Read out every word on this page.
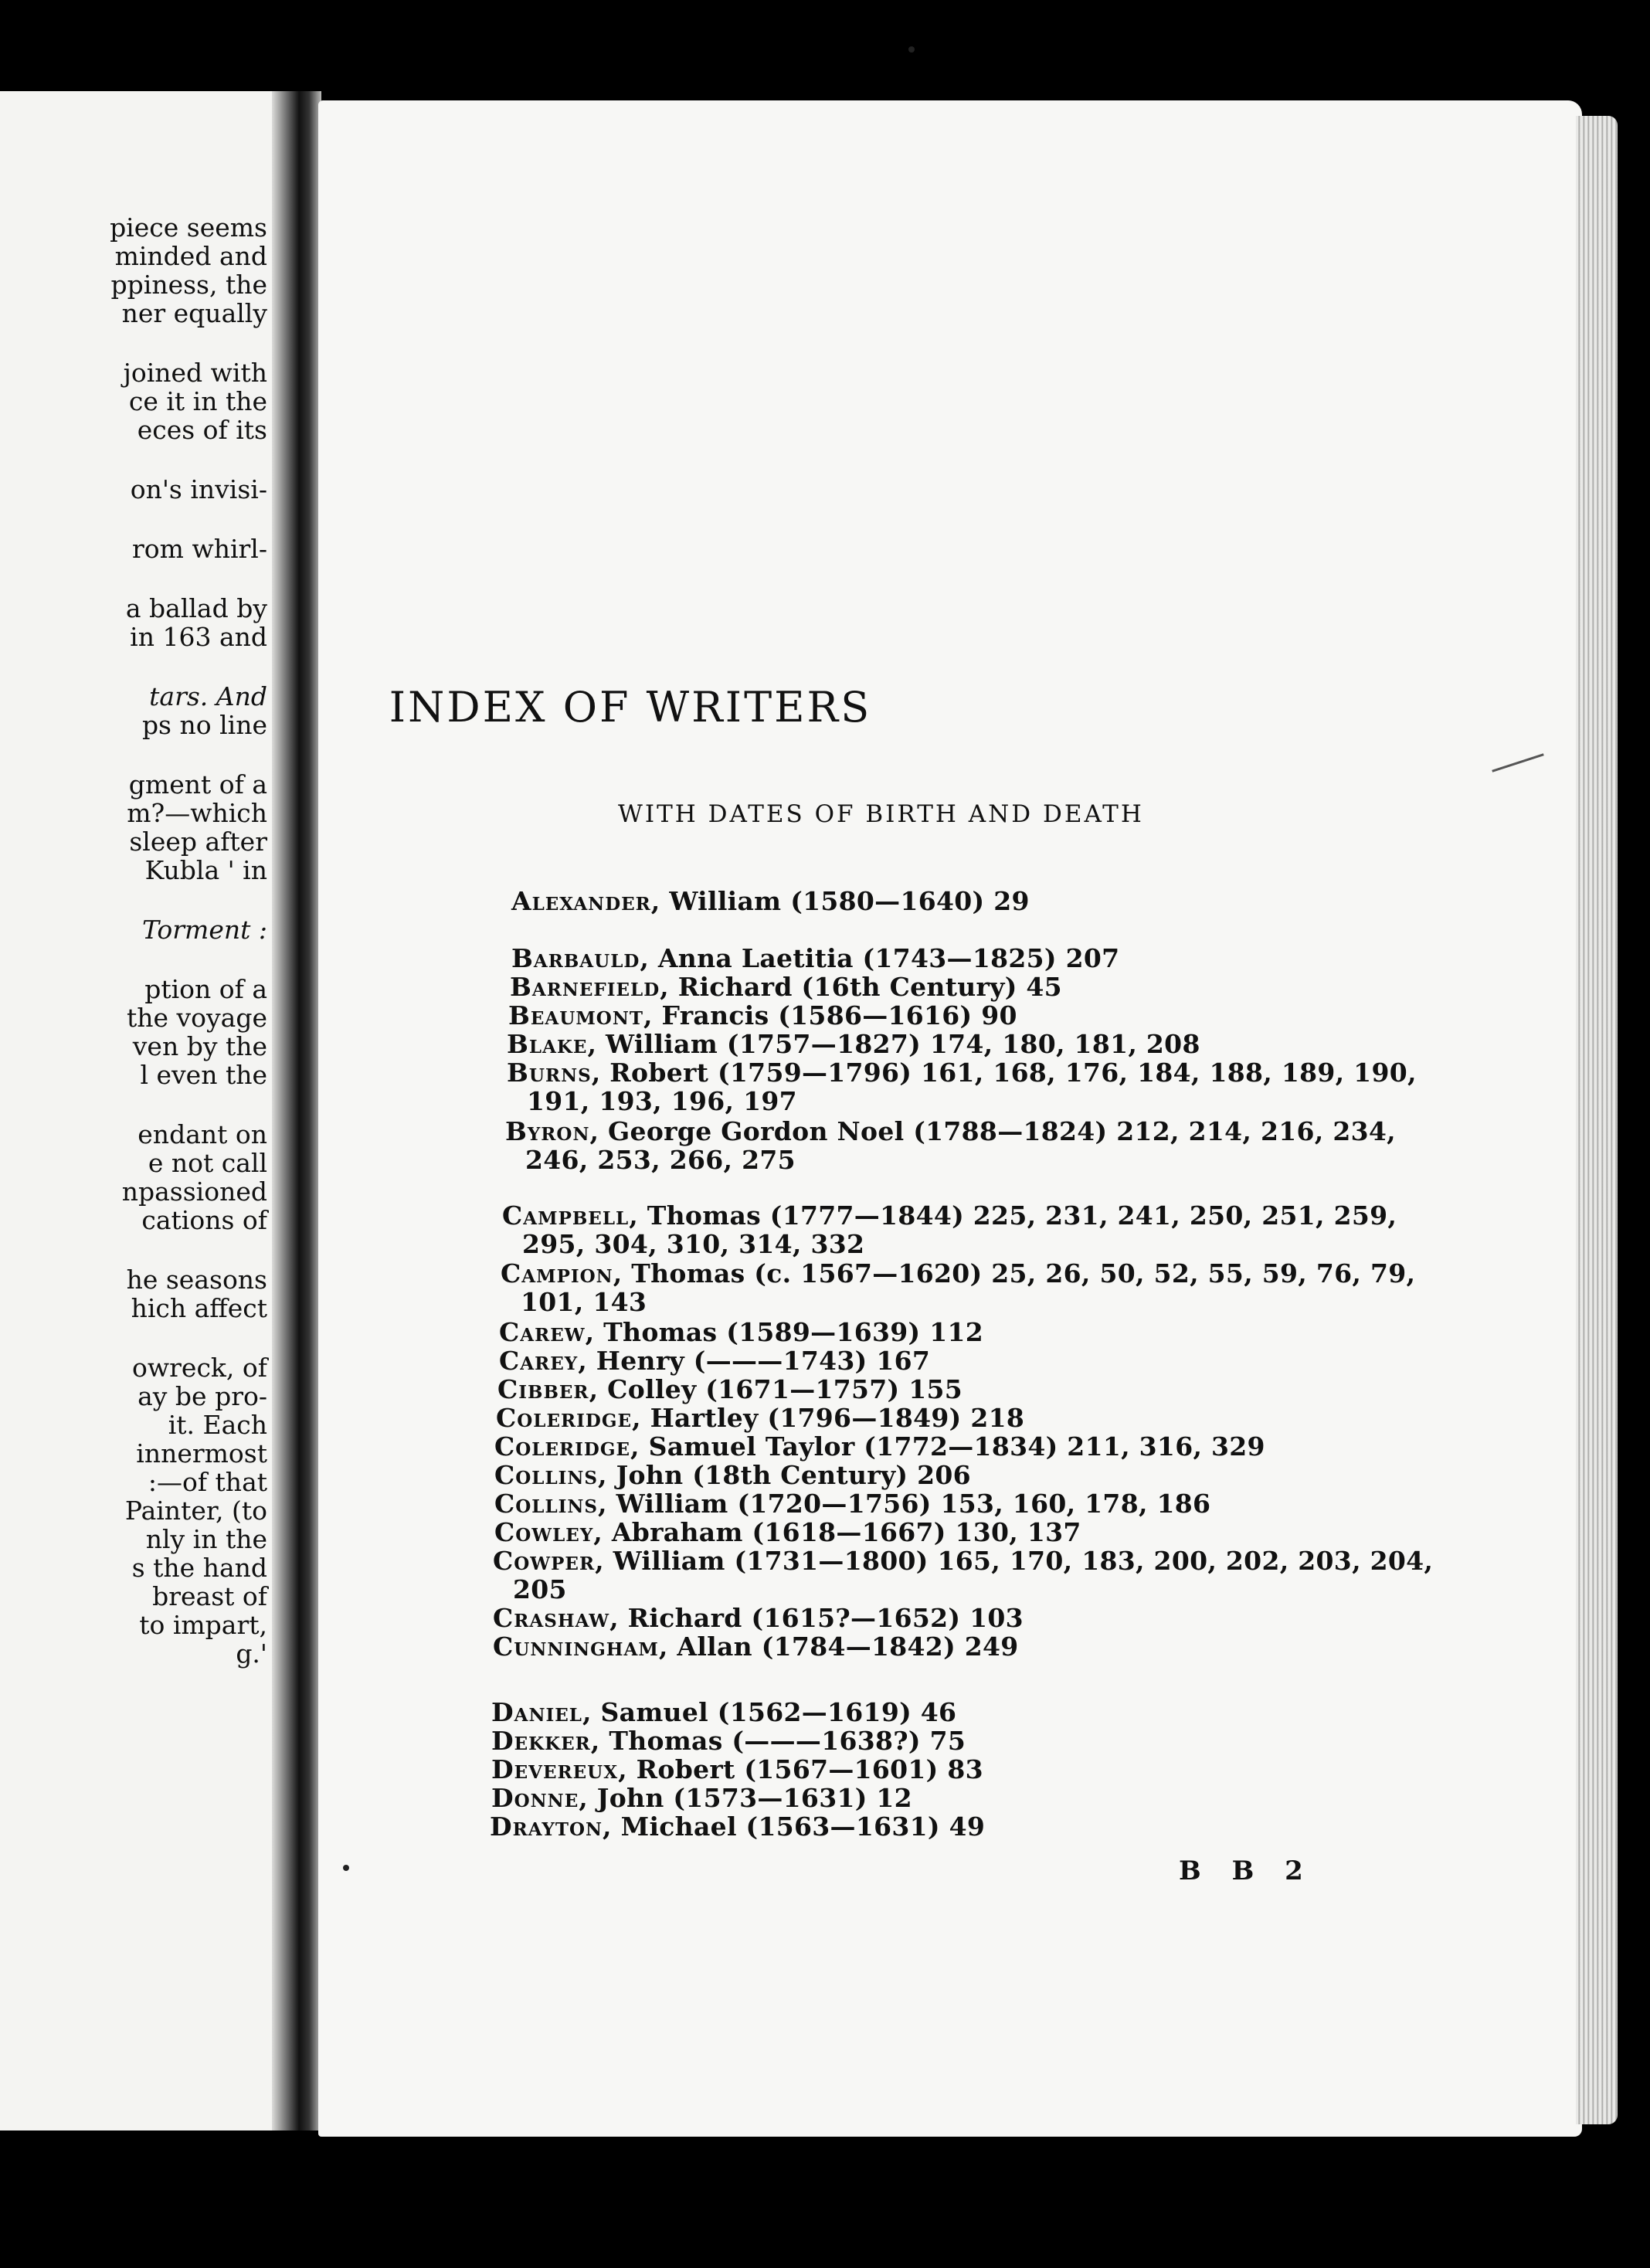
piece seems
minded and
ppiness, the
ner equally
joined with
ce it in the
eces of its
on's invisi-
rom whirl-
a ballad by
in 163 and
tars. And
ps no line
gment of a
m?—which
sleep after
Kubla ' in
Torment :
ption of a
the voyage
ven by the
l even the
endant on
e not call
npassioned
cations of
he seasons
hich affect
owreck, of
ay be pro-
it. Each
innermost
:—of that
Painter, (to
nly in the
s the hand
breast of
to impart,
g.'
INDEX OF WRITERS
WITH DATES OF BIRTH AND DEATH
Alexander, William (1580—1640) 29
Barbauld, Anna Laetitia (1743—1825) 207
Barnefield, Richard (16th Century) 45
Beaumont, Francis (1586—1616) 90
Blake, William (1757—1827) 174, 180, 181, 208
Burns, Robert (1759—1796) 161, 168, 176, 184, 188, 189, 190,
191, 193, 196, 197
Byron, George Gordon Noel (1788—1824) 212, 214, 216, 234,
246, 253, 266, 275
Campbell, Thomas (1777—1844) 225, 231, 241, 250, 251, 259,
295, 304, 310, 314, 332
Campion, Thomas (c. 1567—1620) 25, 26, 50, 52, 55, 59, 76, 79,
101, 143
Carew, Thomas (1589—1639) 112
Carey, Henry (———1743) 167
Cibber, Colley (1671—1757) 155
Coleridge, Hartley (1796—1849) 218
Coleridge, Samuel Taylor (1772—1834) 211, 316, 329
Collins, John (18th Century) 206
Collins, William (1720—1756) 153, 160, 178, 186
Cowley, Abraham (1618—1667) 130, 137
Cowper, William (1731—1800) 165, 170, 183, 200, 202, 203, 204,
205
Crashaw, Richard (1615?—1652) 103
Cunningham, Allan (1784—1842) 249
Daniel, Samuel (1562—1619) 46
Dekker, Thomas (———1638?) 75
Devereux, Robert (1567—1601) 83
Donne, John (1573—1631) 12
Drayton, Michael (1563—1631) 49
B B 2
